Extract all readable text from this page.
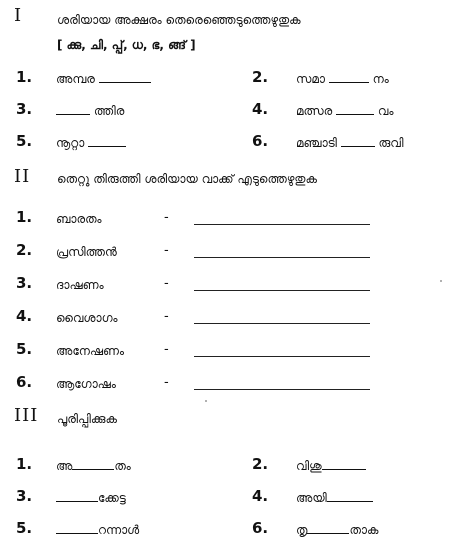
I	ശരിയായ അക്ഷരം തെരെഞ്ഞെടുത്തെഴുതുക
[ ക്കു, ചി, പ്പ്, ധ, ഭ, ങ്ങ് ]
1. അമ്പര	2. സമാ	നം
3.	ത്തിര	4. മത്സര	വം
5. നൂറ്റാ	6. മഞ്ചാടി	രുവി
II തെറ്റു തിരുത്തി ശരിയായ വാക്ക് എടുത്തെഴുതുക
1. ബാരതം	-
2. പ്രസിത്തൻ	-
3. ദാഷണം	-
4. വൈശാഗം	-
5. അനേഷണം	-
6. ആഗോഷം	-
III പൂരിപ്പിക്കുക
1. അ	തം	2. വിശു
3.	ക്കേട്ട	4. അയി
5.	റന്നാൾ	6. തൃ	താക
